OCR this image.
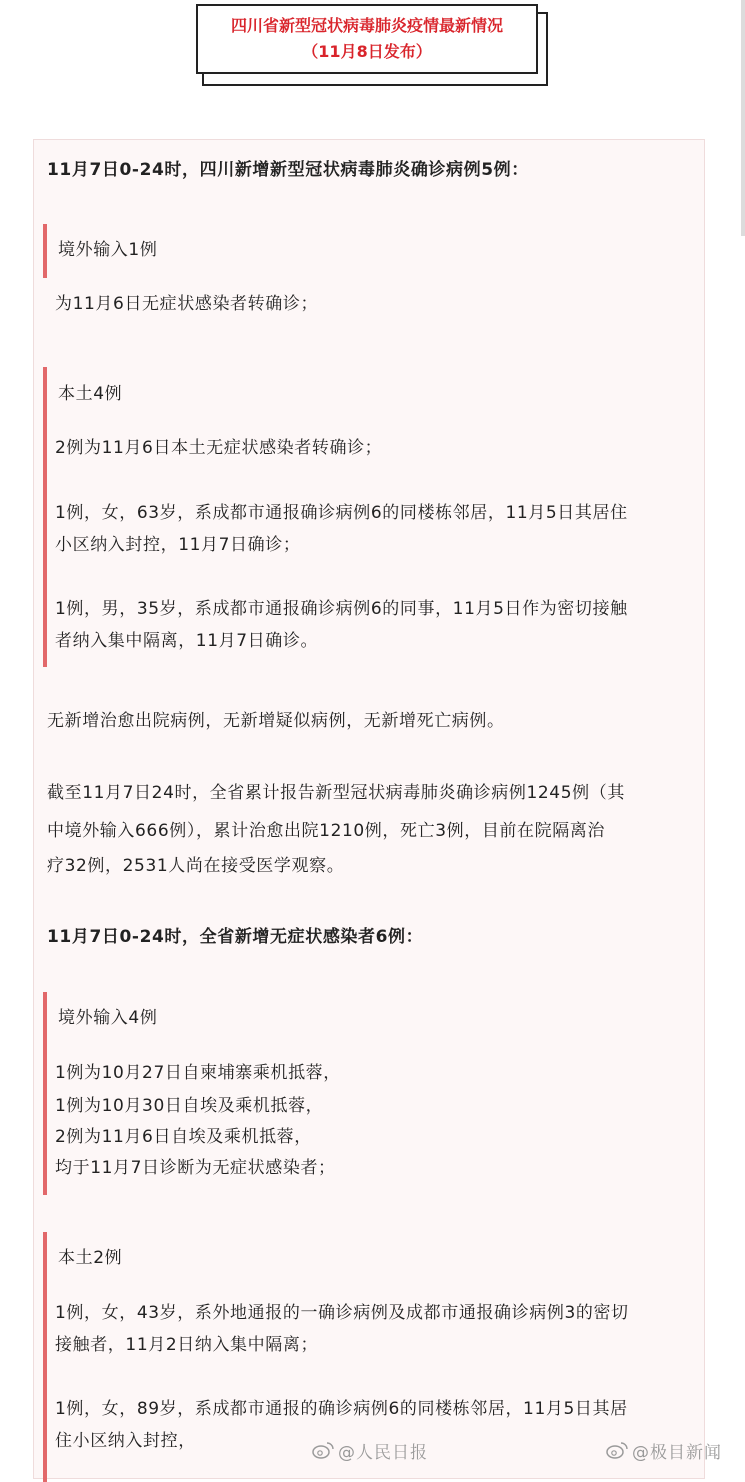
四川省新型冠状病毒肺炎疫情最新情况
（11月8日发布）
11月7日0-24时，四川新增新型冠状病毒肺炎确诊病例5例：
境外输入1例
为11月6日无症状感染者转确诊；
本土4例
2例为11月6日本土无症状感染者转确诊；
1例，女，63岁，系成都市通报确诊病例6的同楼栋邻居，11月5日其居住
小区纳入封控，11月7日确诊；
1例，男，35岁，系成都市通报确诊病例6的同事，11月5日作为密切接触
者纳入集中隔离，11月7日确诊。
无新增治愈出院病例，无新增疑似病例，无新增死亡病例。
截至11月7日24时，全省累计报告新型冠状病毒肺炎确诊病例1245例（其
中境外输入666例），累计治愈出院1210例，死亡3例，目前在院隔离治
疗32例，2531人尚在接受医学观察。
11月7日0-24时，全省新增无症状感染者6例：
境外输入4例
1例为10月27日自柬埔寨乘机抵蓉，
1例为10月30日自埃及乘机抵蓉，
2例为11月6日自埃及乘机抵蓉，
均于11月7日诊断为无症状感染者；
本土2例
1例，女，43岁，系外地通报的一确诊病例及成都市通报确诊病例3的密切
接触者，11月2日纳入集中隔离；
1例，女，89岁，系成都市通报的确诊病例6的同楼栋邻居，11月5日其居
住小区纳入封控，
@人民日报	@极目新闻
